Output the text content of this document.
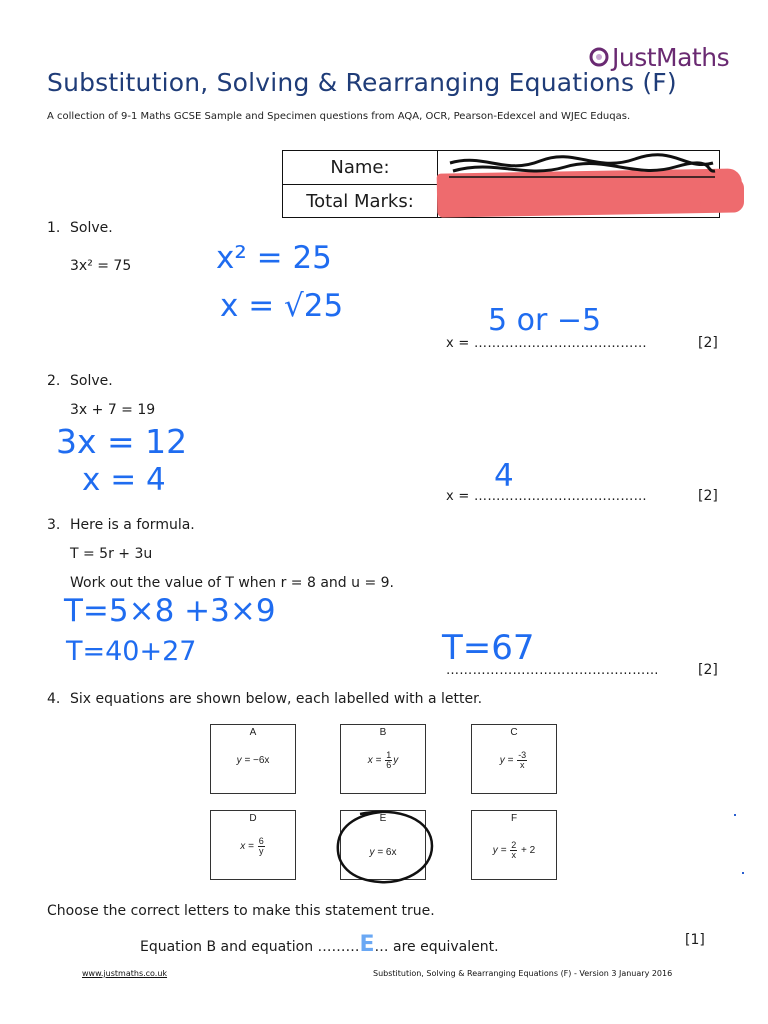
JustMaths
Substitution, Solving & Rearranging Equations (F)
A collection of 9-1 Maths GCSE Sample and Specimen questions from AQA, OCR, Pearson-Edexcel and WJEC Eduqas.
Name:
Total Marks:
1. Solve.
3x² = 75	x² = 25
x = √25	5 or −5
x = …………………………………	[2]
2. Solve.
3x + 7 = 19
3x = 12
x = 4	4
x = …………………………………	[2]
3. Here is a formula.
T = 5r + 3u
Work out the value of T when r = 8 and u = 9.
T=5×8 +3×9
T=40+27	T=67
…………………………………………	[2]
4. Six equations are shown below, each labelled with a letter.
A
y = −6x
B
$x = \frac{1}{6}$ y
C
$y = \frac{-3}{x}$
D
$x = \frac{6}{y}$
E
y = 6x
F
$y = \frac{2}{x} + 2$
Choose the correct letters to make this statement true.
Equation B and equation ………E… are equivalent.	[1]
www.justmaths.co.uk	Substitution, Solving & Rearranging Equations (F) - Version 3 January 2016
